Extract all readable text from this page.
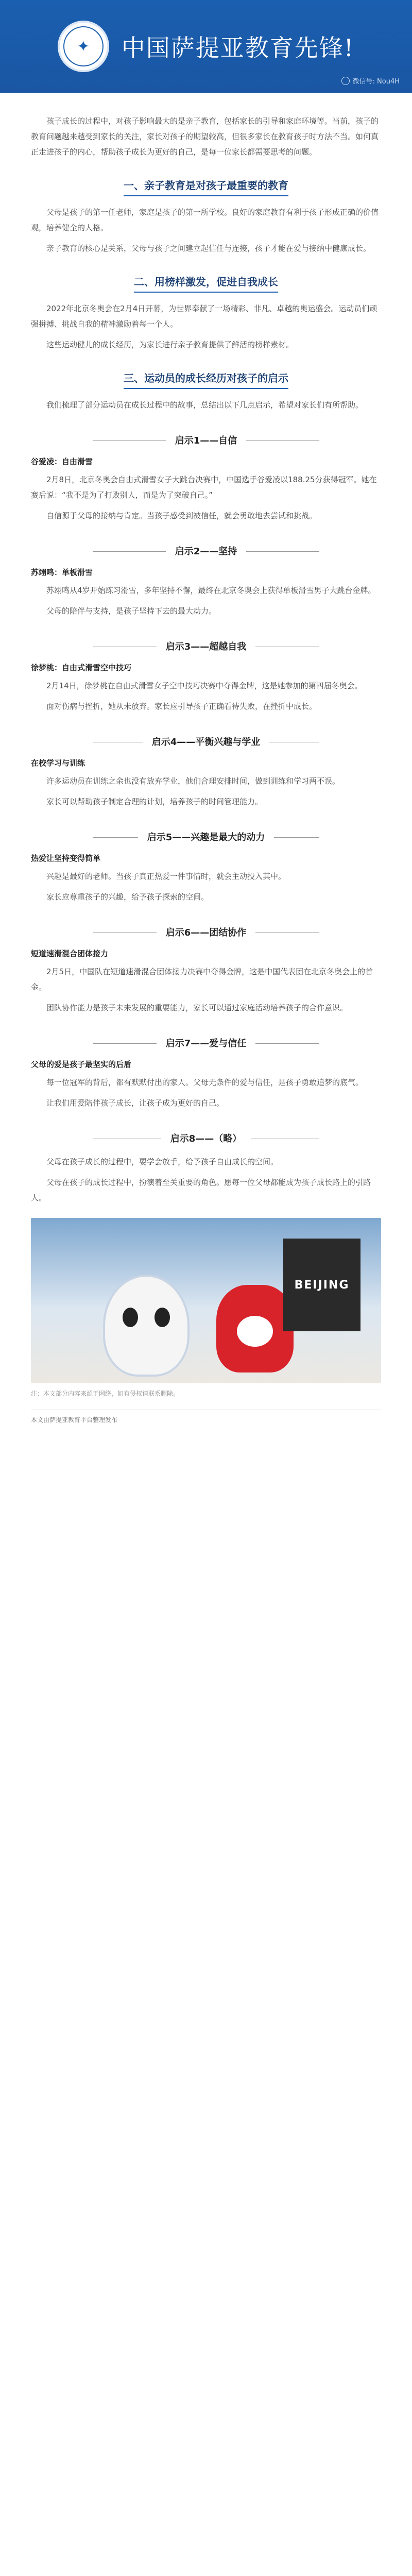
✦	中国萨提亚教育先锋!
微信号: Nou4H

孩子成长的过程中，对孩子影响最大的是亲子教育，包括家长的引导和家庭环境等。当前，孩子的教育问题越来越受到家长的关注，家长对孩子的期望较高，但很多家长在教育孩子时方法不当。如何真正走进孩子的内心，帮助孩子成长为更好的自己，是每一位家长都需要思考的问题。

一、亲子教育是对孩子最重要的教育

父母是孩子的第一任老师，家庭是孩子的第一所学校。良好的家庭教育有利于孩子形成正确的价值观，培养健全的人格。

亲子教育的核心是关系，父母与孩子之间建立起信任与连接，孩子才能在爱与接纳中健康成长。

二、用榜样激发，促进自我成长

2022年北京冬奥会在2月4日开幕，为世界奉献了一场精彩、非凡、卓越的奥运盛会。运动员们顽强拼搏、挑战自我的精神激励着每一个人。

这些运动健儿的成长经历，为家长进行亲子教育提供了鲜活的榜样素材。

三、运动员的成长经历对孩子的启示

我们梳理了部分运动员在成长过程中的故事，总结出以下几点启示，希望对家长们有所帮助。

启示1——自信
谷爱凌：自由滑雪

2月8日，北京冬奥会自由式滑雪女子大跳台决赛中，中国选手谷爱凌以188.25分获得冠军。她在赛后说：“我不是为了打败别人，而是为了突破自己。”

自信源于父母的接纳与肯定。当孩子感受到被信任，就会勇敢地去尝试和挑战。

启示2——坚持
苏翊鸣：单板滑雪

苏翊鸣从4岁开始练习滑雪，多年坚持不懈，最终在北京冬奥会上获得单板滑雪男子大跳台金牌。

父母的陪伴与支持，是孩子坚持下去的最大动力。

启示3——超越自我
徐梦桃：自由式滑雪空中技巧

2月14日，徐梦桃在自由式滑雪女子空中技巧决赛中夺得金牌，这是她参加的第四届冬奥会。

面对伤病与挫折，她从未放弃。家长应引导孩子正确看待失败，在挫折中成长。

启示4——平衡兴趣与学业
在校学习与训练

许多运动员在训练之余也没有放弃学业，他们合理安排时间，做到训练和学习两不误。

家长可以帮助孩子制定合理的计划，培养孩子的时间管理能力。

启示5——兴趣是最大的动力
热爱让坚持变得简单

兴趣是最好的老师。当孩子真正热爱一件事情时，就会主动投入其中。

家长应尊重孩子的兴趣，给予孩子探索的空间。

启示6——团结协作
短道速滑混合团体接力

2月5日，中国队在短道速滑混合团体接力决赛中夺得金牌，这是中国代表团在北京冬奥会上的首金。

团队协作能力是孩子未来发展的重要能力，家长可以通过家庭活动培养孩子的合作意识。

启示7——爱与信任
父母的爱是孩子最坚实的后盾

每一位冠军的背后，都有默默付出的家人。父母无条件的爱与信任，是孩子勇敢追梦的底气。

让我们用爱陪伴孩子成长，让孩子成为更好的自己。

启示8——（略）

父母在孩子成长的过程中，要学会放手，给予孩子自由成长的空间。

父母在孩子的成长过程中，扮演着至关重要的角色。愿每一位父母都能成为孩子成长路上的引路人。

BEIJING
注：本文部分内容来源于网络，如有侵权请联系删除。
本文由萨提亚教育平台整理发布
